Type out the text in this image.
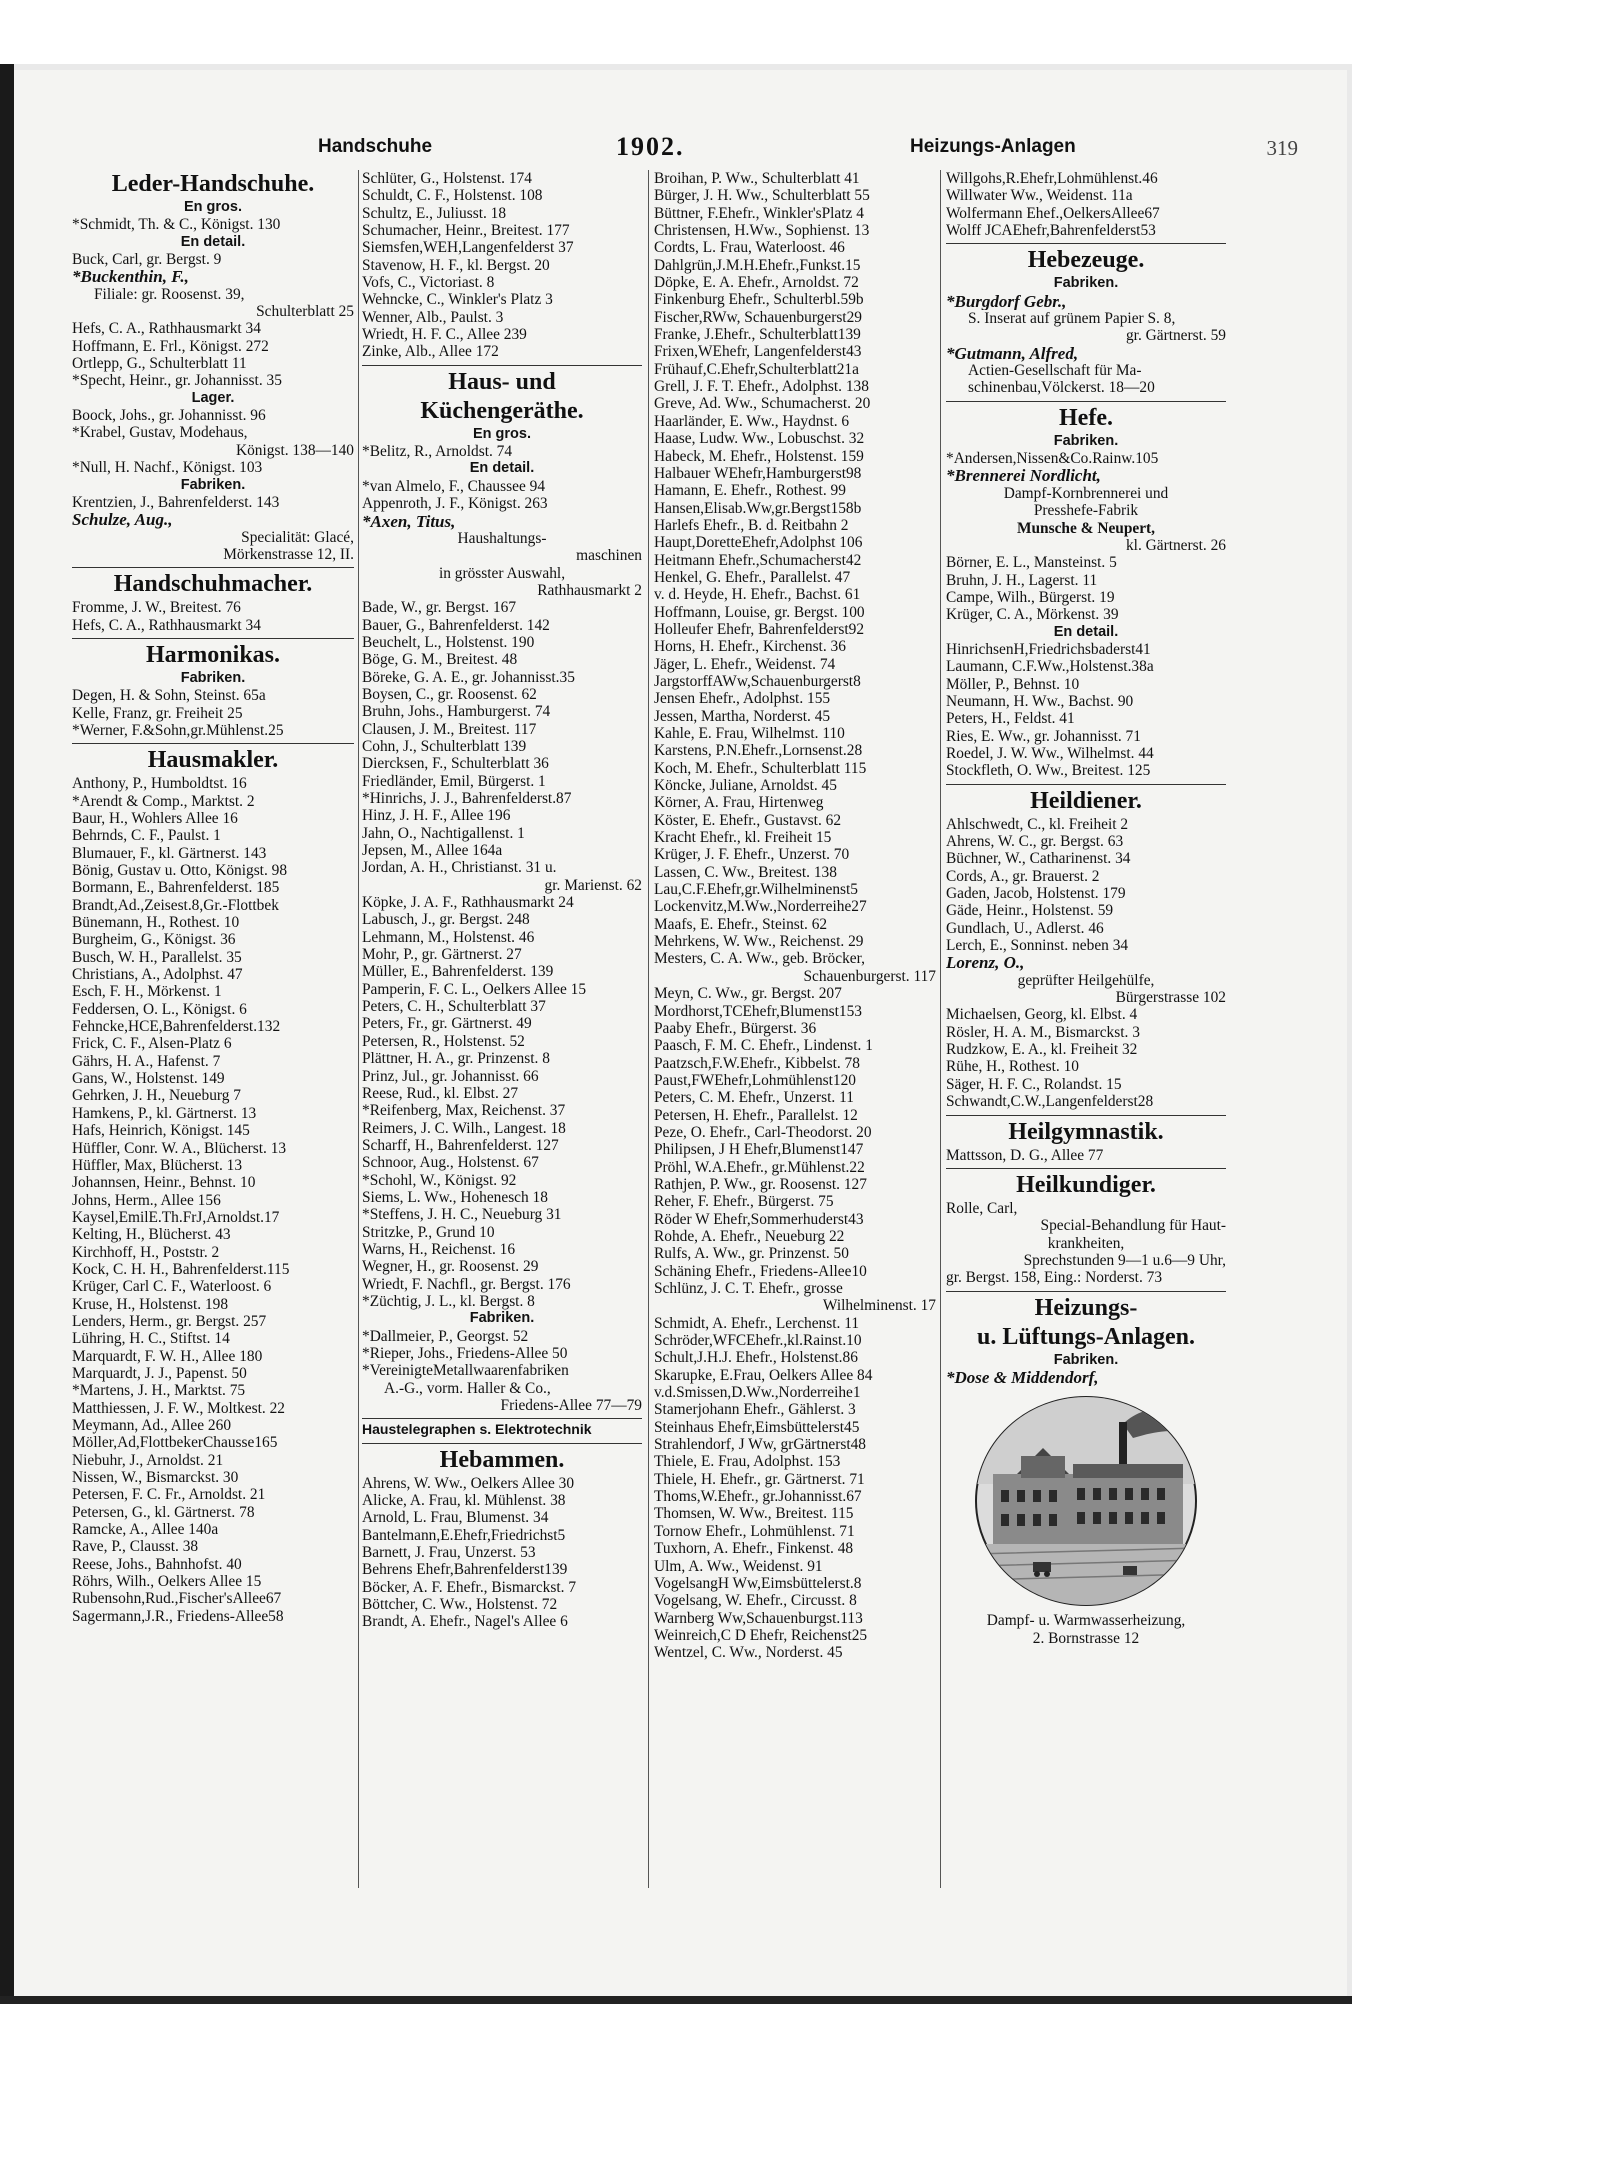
Handschuhe	1902.	Heizungs-Anlagen	319
Leder-Handschuhe.
En gros.
*Schmidt, Th. & C., Königst. 130
En detail.
Buck, Carl, gr. Bergst. 9
*Buckenthin, F.,
Filiale: gr. Roosenst. 39,
Schulterblatt 25
Hefs, C. A., Rathhausmarkt 34
Hoffmann, E. Frl., Königst. 272
Ortlepp, G., Schulterblatt 11
*Specht, Heinr., gr. Johannisst. 35
Lager.
Boock, Johs., gr. Johannisst. 96
*Krabel, Gustav, Modehaus,
Königst. 138—140
*Null, H. Nachf., Königst. 103
Fabriken.
Krentzien, J., Bahrenfelderst. 143
Schulze, Aug.,
Specialität: Glacé,
Mörkenstrasse 12, II.
Handschuhmacher.
Fromme, J. W., Breitest. 76
Hefs, C. A., Rathhausmarkt 34
Harmonikas.
Fabriken.
Degen, H. & Sohn, Steinst. 65a
Kelle, Franz, gr. Freiheit 25
*Werner, F.&Sohn,gr.Mühlenst.25
Hausmakler.
Anthony, P., Humboldtst. 16
*Arendt & Comp., Marktst. 2
Baur, H., Wohlers Allee 16
Behrnds, C. F., Paulst. 1
Blumauer, F., kl. Gärtnerst. 143
Bönig, Gustav u. Otto, Königst. 98
Bormann, E., Bahrenfelderst. 185
Brandt,Ad.,Zeisest.8,Gr.-Flottbek
Bünemann, H., Rothest. 10
Burgheim, G., Königst. 36
Busch, W. H., Parallelst. 35
Christians, A., Adolphst. 47
Esch, F. H., Mörkenst. 1
Feddersen, O. L., Königst. 6
Fehncke,HCE,Bahrenfelderst.132
Frick, C. F., Alsen-Platz 6
Gährs, H. A., Hafenst. 7
Gans, W., Holstenst. 149
Gehrken, J. H., Neueburg 7
Hamkens, P., kl. Gärtnerst. 13
Hafs, Heinrich, Königst. 145
Hüffler, Conr. W. A., Blücherst. 13
Hüffler, Max, Blücherst. 13
Johannsen, Heinr., Behnst. 10
Johns, Herm., Allee 156
Kaysel,EmilE.Th.FrJ,Arnoldst.17
Kelting, H., Blücherst. 43
Kirchhoff, H., Poststr. 2
Kock, C. H. H., Bahrenfelderst.115
Krüger, Carl C. F., Waterloost. 6
Kruse, H., Holstenst. 198
Lenders, Herm., gr. Bergst. 257
Lühring, H. C., Stiftst. 14
Marquardt, F. W. H., Allee 180
Marquardt, J. J., Papenst. 50
*Martens, J. H., Marktst. 75
Matthiessen, J. F. W., Moltkest. 22
Meymann, Ad., Allee 260
Möller,Ad,FlottbekerChausse165
Niebuhr, J., Arnoldst. 21
Nissen, W., Bismarckst. 30
Petersen, F. C. Fr., Arnoldst. 21
Petersen, G., kl. Gärtnerst. 78
Ramcke, A., Allee 140a
Rave, P., Clausst. 38
Reese, Johs., Bahnhofst. 40
Röhrs, Wilh., Oelkers Allee 15
Rubensohn,Rud.,Fischer'sAllee67
Sagermann,J.R., Friedens-Allee58
Schlüter, G., Holstenst. 174
Schuldt, C. F., Holstenst. 108
Schultz, E., Juliusst. 18
Schumacher, Heinr., Breitest. 177
Siemsfen,WEH,Langenfelderst 37
Stavenow, H. F., kl. Bergst. 20
Vofs, C., Victoriast. 8
Wehncke, C., Winkler's Platz 3
Wenner, Alb., Paulst. 3
Wriedt, H. F. C., Allee 239
Zinke, Alb., Allee 172
Haus- und
Küchengeräthe.
En gros.
*Belitz, R., Arnoldst. 74
En detail.
*van Almelo, F., Chaussee 94
Appenroth, J. F., Königst. 263
*Axen, Titus,
Haushaltungs-
maschinen
in grösster Auswahl,
Rathhausmarkt 2
Bade, W., gr. Bergst. 167
Bauer, G., Bahrenfelderst. 142
Beuchelt, L., Holstenst. 190
Böge, G. M., Breitest. 48
Böreke, G. A. E., gr. Johannisst.35
Boysen, C., gr. Roosenst. 62
Bruhn, Johs., Hamburgerst. 74
Clausen, J. M., Breitest. 117
Cohn, J., Schulterblatt 139
Diercksen, F., Schulterblatt 36
Friedländer, Emil, Bürgerst. 1
*Hinrichs, J. J., Bahrenfelderst.87
Hinz, J. H. F., Allee 196
Jahn, O., Nachtigallenst. 1
Jepsen, M., Allee 164a
Jordan, A. H., Christianst. 31 u.
gr. Marienst. 62
Köpke, J. A. F., Rathhausmarkt 24
Labusch, J., gr. Bergst. 248
Lehmann, M., Holstenst. 46
Mohr, P., gr. Gärtnerst. 27
Müller, E., Bahrenfelderst. 139
Pamperin, F. C. L., Oelkers Allee 15
Peters, C. H., Schulterblatt 37
Peters, Fr., gr. Gärtnerst. 49
Petersen, R., Holstenst. 52
Plättner, H. A., gr. Prinzenst. 8
Prinz, Jul., gr. Johannisst. 66
Reese, Rud., kl. Elbst. 27
*Reifenberg, Max, Reichenst. 37
Reimers, J. C. Wilh., Langest. 18
Scharff, H., Bahrenfelderst. 127
Schnoor, Aug., Holstenst. 67
*Schohl, W., Königst. 92
Siems, L. Ww., Hohenesch 18
*Steffens, J. H. C., Neueburg 31
Stritzke, P., Grund 10
Warns, H., Reichenst. 16
Wegner, H., gr. Roosenst. 29
Wriedt, F. Nachfl., gr. Bergst. 176
*Züchtig, J. L., kl. Bergst. 8
Fabriken.
*Dallmeier, P., Georgst. 52
*Rieper, Johs., Friedens-Allee 50
*VereinigteMetallwaarenfabriken
A.-G., vorm. Haller & Co.,
Friedens-Allee 77—79
Haustelegraphen s. Elektrotechnik
Hebammen.
Ahrens, W. Ww., Oelkers Allee 30
Alicke, A. Frau, kl. Mühlenst. 38
Arnold, L. Frau, Blumenst. 34
Bantelmann,E.Ehefr,Friedrichst5
Barnett, J. Frau, Unzerst. 53
Behrens Ehefr,Bahrenfelderst139
Böcker, A. F. Ehefr., Bismarckst. 7
Böttcher, C. Ww., Holstenst. 72
Brandt, A. Ehefr., Nagel's Allee 6
Broihan, P. Ww., Schulterblatt 41
Bürger, J. H. Ww., Schulterblatt 55
Büttner, F.Ehefr., Winkler'sPlatz 4
Christensen, H.Ww., Sophienst. 13
Cordts, L. Frau, Waterloost. 46
Dahlgrün,J.M.H.Ehefr.,Funkst.15
Döpke, E. A. Ehefr., Arnoldst. 72
Finkenburg Ehefr., Schulterbl.59b
Fischer,RWw, Schauenburgerst29
Franke, J.Ehefr., Schulterblatt139
Frixen,WEhefr, Langenfelderst43
Frühauf,C.Ehefr,Schulterblatt21a
Grell, J. F. T. Ehefr., Adolphst. 138
Greve, Ad. Ww., Schumacherst. 20
Haarländer, E. Ww., Haydnst. 6
Haase, Ludw. Ww., Lobuschst. 32
Habeck, M. Ehefr., Holstenst. 159
Halbauer WEhefr,Hamburgerst98
Hamann, E. Ehefr., Rothest. 99
Hansen,Elisab.Ww,gr.Bergst158b
Harlefs Ehefr., B. d. Reitbahn 2
Haupt,DoretteEhefr,Adolphst 106
Heitmann Ehefr.,Schumacherst42
Henkel, G. Ehefr., Parallelst. 47
v. d. Heyde, H. Ehefr., Bachst. 61
Hoffmann, Louise, gr. Bergst. 100
Holleufer Ehefr, Bahrenfelderst92
Horns, H. Ehefr., Kirchenst. 36
Jäger, L. Ehefr., Weidenst. 74
JargstorffAWw,Schauenburgerst8
Jensen Ehefr., Adolphst. 155
Jessen, Martha, Norderst. 45
Kahle, E. Frau, Wilhelmst. 110
Karstens, P.N.Ehefr.,Lornsenst.28
Koch, M. Ehefr., Schulterblatt 115
Köncke, Juliane, Arnoldst. 45
Körner, A. Frau, Hirtenweg
Köster, E. Ehefr., Gustavst. 62
Kracht Ehefr., kl. Freiheit 15
Krüger, J. F. Ehefr., Unzerst. 70
Lassen, C. Ww., Breitest. 138
Lau,C.F.Ehefr,gr.Wilhelminenst5
Lockenvitz,M.Ww.,Norderreihe27
Maafs, E. Ehefr., Steinst. 62
Mehrkens, W. Ww., Reichenst. 29
Mesters, C. A. Ww., geb. Bröcker,
Schauenburgerst. 117
Meyn, C. Ww., gr. Bergst. 207
Mordhorst,TCEhefr,Blumenst153
Paaby Ehefr., Bürgerst. 36
Paasch, F. M. C. Ehefr., Lindenst. 1
Paatzsch,F.W.Ehefr., Kibbelst. 78
Paust,FWEhefr,Lohmühlenst120
Peters, C. M. Ehefr., Unzerst. 11
Petersen, H. Ehefr., Parallelst. 12
Peze, O. Ehefr., Carl-Theodorst. 20
Philipsen, J H Ehefr,Blumenst147
Pröhl, W.A.Ehefr., gr.Mühlenst.22
Rathjen, P. Ww., gr. Roosenst. 127
Reher, F. Ehefr., Bürgerst. 75
Röder W Ehefr,Sommerhuderst43
Rohde, A. Ehefr., Neueburg 22
Rulfs, A. Ww., gr. Prinzenst. 50
Schäning Ehefr., Friedens-Allee10
Schlünz, J. C. T. Ehefr., grosse
Wilhelminenst. 17
Schmidt, A. Ehefr., Lerchenst. 11
Schröder,WFCEhefr.,kl.Rainst.10
Schult,J.H.J. Ehefr., Holstenst.86
Skarupke, E.Frau, Oelkers Allee 84
v.d.Smissen,D.Ww.,Norderreihe1
Stamerjohann Ehefr., Gählerst. 3
Steinhaus Ehefr,Eimsbüttelerst45
Strahlendorf, J Ww, grGärtnerst48
Thiele, E. Frau, Adolphst. 153
Thiele, H. Ehefr., gr. Gärtnerst. 71
Thoms,W.Ehefr., gr.Johannisst.67
Thomsen, W. Ww., Breitest. 115
Tornow Ehefr., Lohmühlenst. 71
Tuxhorn, A. Ehefr., Finkenst. 48
Ulm, A. Ww., Weidenst. 91
VogelsangH Ww,Eimsbüttelerst.8
Vogelsang, W. Ehefr., Circusst. 8
Warnberg Ww,Schauenburgst.113
Weinreich,C D Ehefr, Reichenst25
Wentzel, C. Ww., Norderst. 45
Willgohs,R.Ehefr,Lohmühlenst.46
Willwater Ww., Weidenst. 11a
Wolfermann Ehef.,OelkersAllee67
Wolff JCAEhefr,Bahrenfelderst53
Hebezeuge.
Fabriken.
*Burgdorf Gebr.,
S. Inserat auf grünem Papier S. 8,
gr. Gärtnerst. 59
*Gutmann, Alfred,
Actien-Gesellschaft für Ma-
schinenbau,Völckerst. 18—20
Hefe.
Fabriken.
*Andersen,Nissen&Co.Rainw.105
*Brennerei Nordlicht,
Dampf-Kornbrennerei und
Presshefe-Fabrik
Munsche & Neupert,
kl. Gärtnerst. 26
Börner, E. L., Mansteinst. 5
Bruhn, J. H., Lagerst. 11
Campe, Wilh., Bürgerst. 19
Krüger, C. A., Mörkenst. 39
En detail.
HinrichsenH,Friedrichsbaderst41
Laumann, C.F.Ww.,Holstenst.38a
Möller, P., Behnst. 10
Neumann, H. Ww., Bachst. 90
Peters, H., Feldst. 41
Ries, E. Ww., gr. Johannisst. 71
Roedel, J. W. Ww., Wilhelmst. 44
Stockfleth, O. Ww., Breitest. 125
Heildiener.
Ahlschwedt, C., kl. Freiheit 2
Ahrens, W. C., gr. Bergst. 63
Büchner, W., Catharinenst. 34
Cords, A., gr. Brauerst. 2
Gaden, Jacob, Holstenst. 179
Gäde, Heinr., Holstenst. 59
Gundlach, U., Adlerst. 46
Lerch, E., Sonninst. neben 34
Lorenz, O.,
geprüfter Heilgehülfe,
Bürgerstrasse 102
Michaelsen, Georg, kl. Elbst. 4
Rösler, H. A. M., Bismarckst. 3
Rudzkow, E. A., kl. Freiheit 32
Rühe, H., Rothest. 10
Säger, H. F. C., Rolandst. 15
Schwandt,C.W.,Langenfelderst28
Heilgymnastik.
Mattsson, D. G., Allee 77
Heilkundiger.
Rolle, Carl,
Special-Behandlung für Haut-
krankheiten,
Sprechstunden 9—1 u.6—9 Uhr,
gr. Bergst. 158, Eing.: Norderst. 73
Heizungs-
u. Lüftungs-Anlagen.
Fabriken.
*Dose & Middendorf,
Dampf- u. Warmwasserheizung,
2. Bornstrasse 12
